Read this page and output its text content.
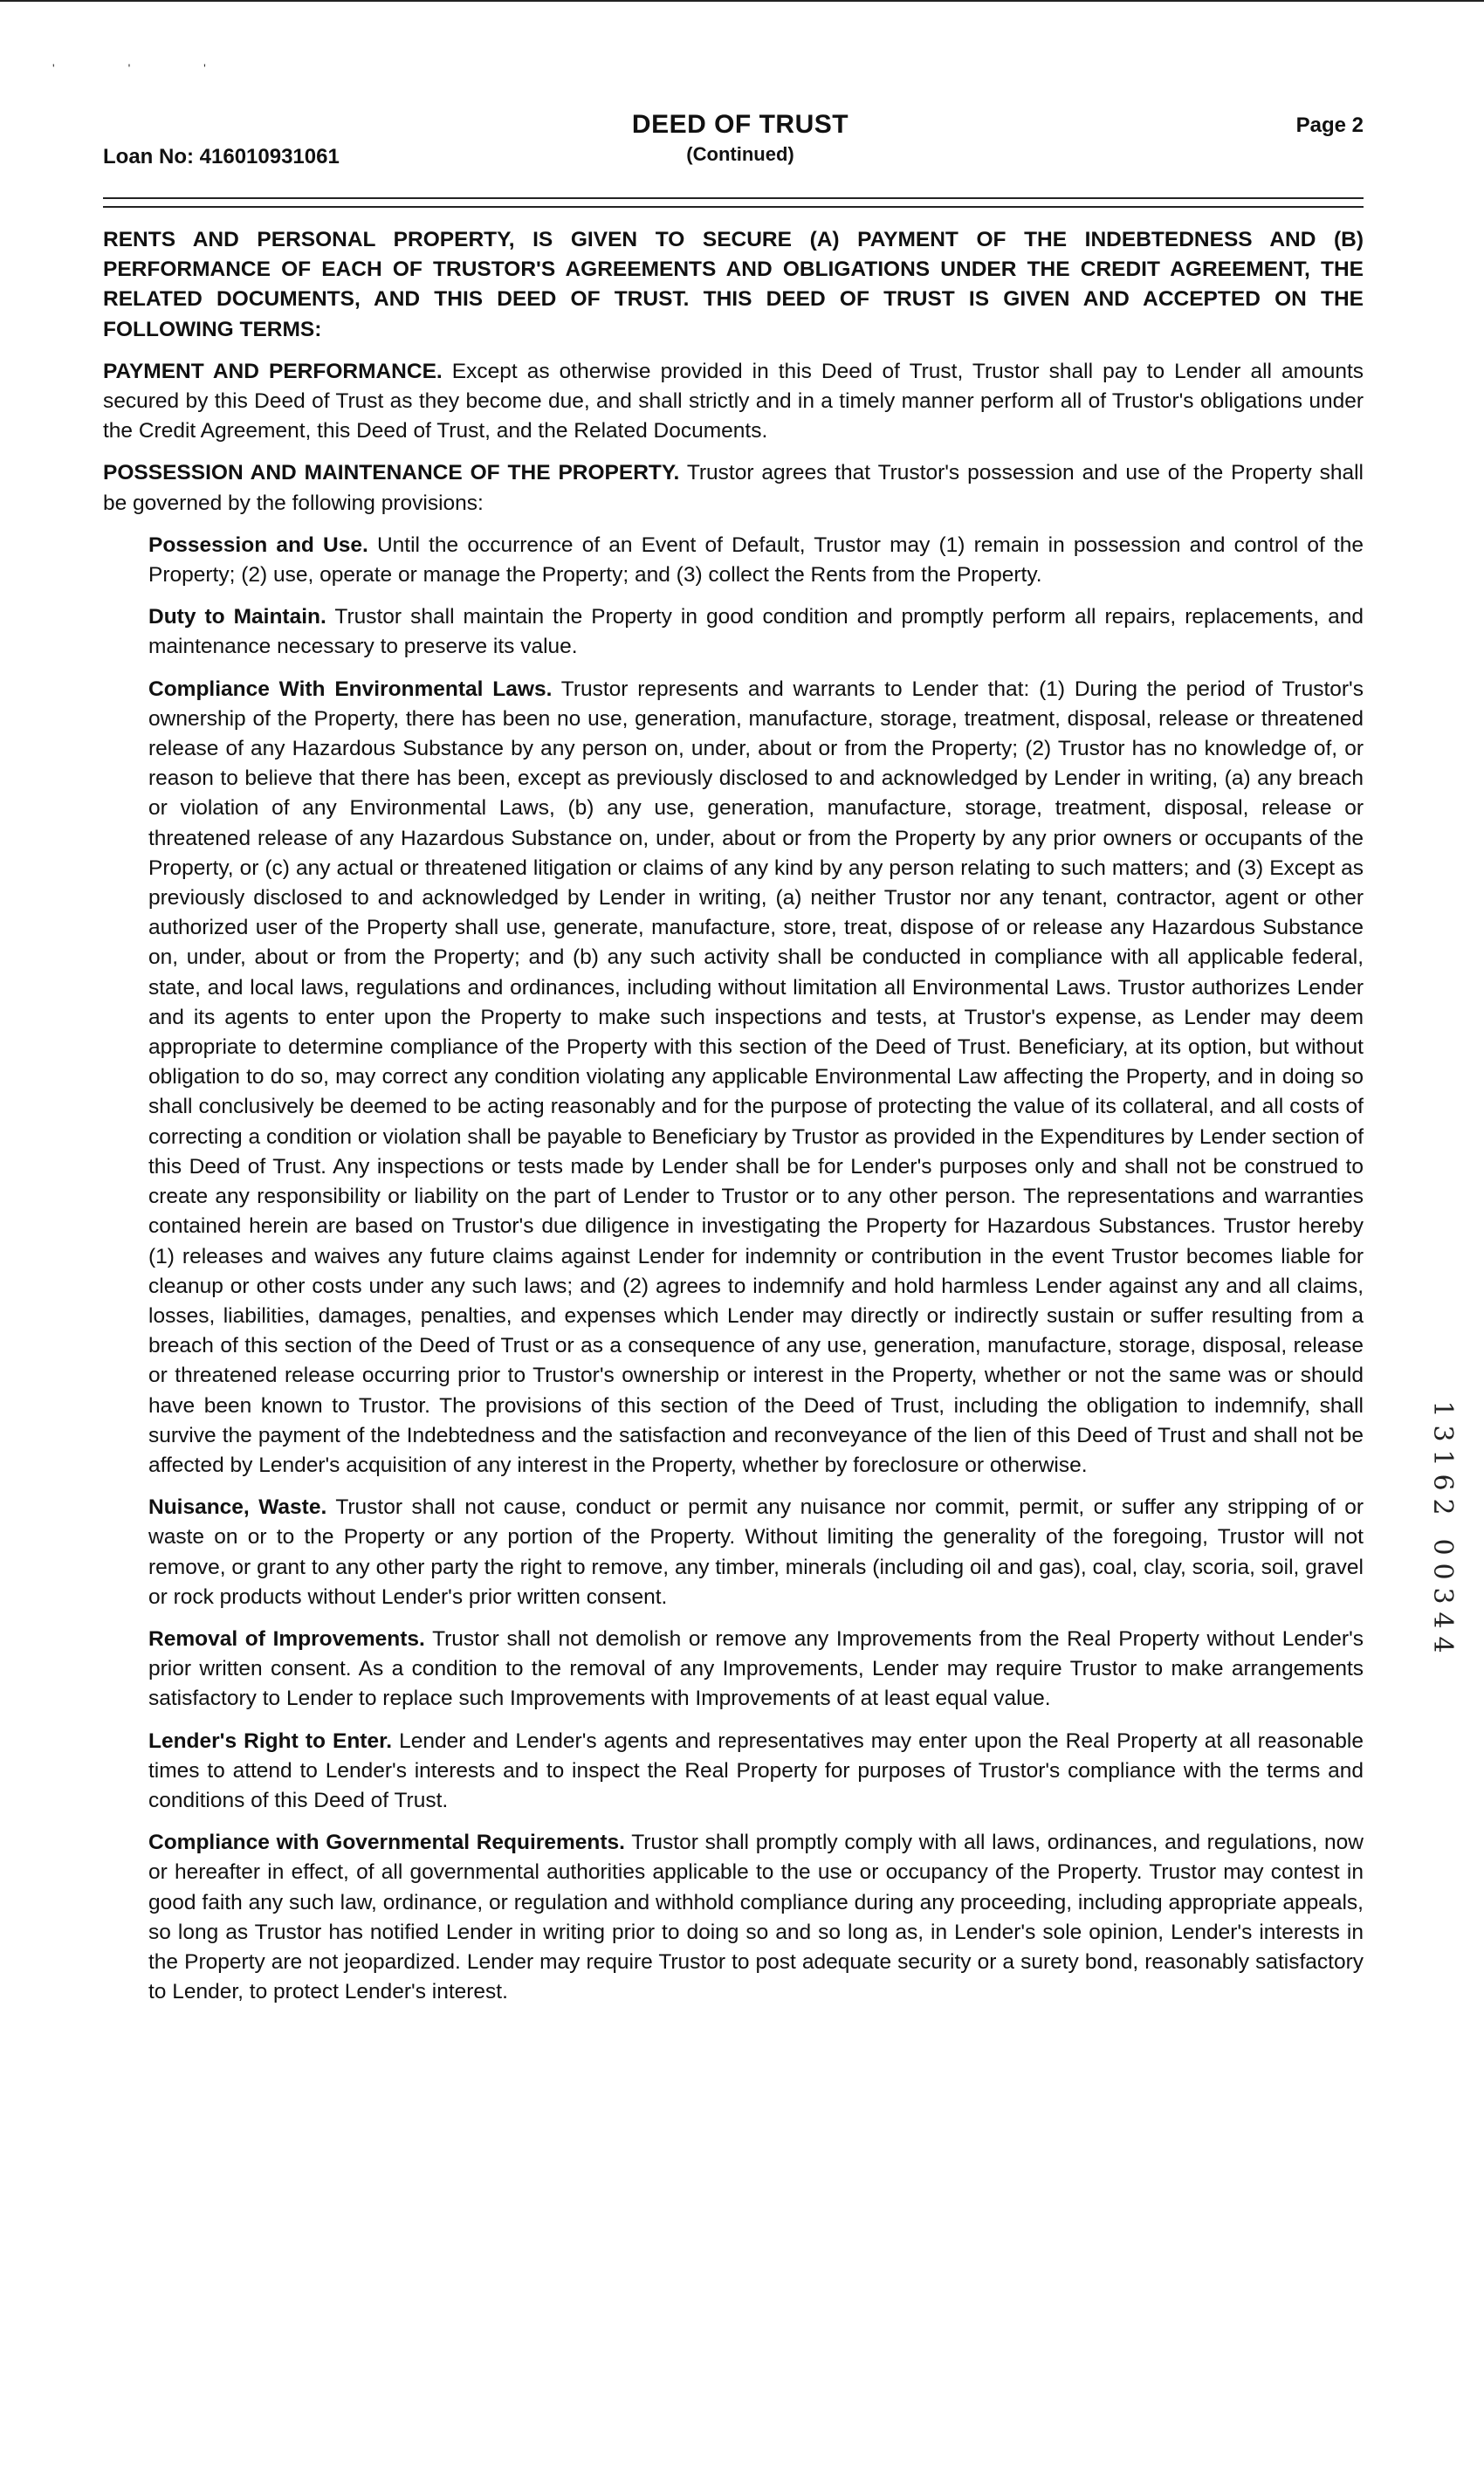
' ' '
Loan No: 416010931061
DEED OF TRUST
(Continued)
Page 2

RENTS AND PERSONAL PROPERTY, IS GIVEN TO SECURE (A) PAYMENT OF THE INDEBTEDNESS AND (B) PERFORMANCE OF EACH OF TRUSTOR'S AGREEMENTS AND OBLIGATIONS UNDER THE CREDIT AGREEMENT, THE RELATED DOCUMENTS, AND THIS DEED OF TRUST. THIS DEED OF TRUST IS GIVEN AND ACCEPTED ON THE FOLLOWING TERMS:

PAYMENT AND PERFORMANCE. Except as otherwise provided in this Deed of Trust, Trustor shall pay to Lender all amounts secured by this Deed of Trust as they become due, and shall strictly and in a timely manner perform all of Trustor's obligations under the Credit Agreement, this Deed of Trust, and the Related Documents.

POSSESSION AND MAINTENANCE OF THE PROPERTY. Trustor agrees that Trustor's possession and use of the Property shall be governed by the following provisions:

Possession and Use. Until the occurrence of an Event of Default, Trustor may (1) remain in possession and control of the Property; (2) use, operate or manage the Property; and (3) collect the Rents from the Property.

Duty to Maintain. Trustor shall maintain the Property in good condition and promptly perform all repairs, replacements, and maintenance necessary to preserve its value.

Compliance With Environmental Laws. Trustor represents and warrants to Lender that: (1) During the period of Trustor's ownership of the Property, there has been no use, generation, manufacture, storage, treatment, disposal, release or threatened release of any Hazardous Substance by any person on, under, about or from the Property; (2) Trustor has no knowledge of, or reason to believe that there has been, except as previously disclosed to and acknowledged by Lender in writing, (a) any breach or violation of any Environmental Laws, (b) any use, generation, manufacture, storage, treatment, disposal, release or threatened release of any Hazardous Substance on, under, about or from the Property by any prior owners or occupants of the Property, or (c) any actual or threatened litigation or claims of any kind by any person relating to such matters; and (3) Except as previously disclosed to and acknowledged by Lender in writing, (a) neither Trustor nor any tenant, contractor, agent or other authorized user of the Property shall use, generate, manufacture, store, treat, dispose of or release any Hazardous Substance on, under, about or from the Property; and (b) any such activity shall be conducted in compliance with all applicable federal, state, and local laws, regulations and ordinances, including without limitation all Environmental Laws. Trustor authorizes Lender and its agents to enter upon the Property to make such inspections and tests, at Trustor's expense, as Lender may deem appropriate to determine compliance of the Property with this section of the Deed of Trust. Beneficiary, at its option, but without obligation to do so, may correct any condition violating any applicable Environmental Law affecting the Property, and in doing so shall conclusively be deemed to be acting reasonably and for the purpose of protecting the value of its collateral, and all costs of correcting a condition or violation shall be payable to Beneficiary by Trustor as provided in the Expenditures by Lender section of this Deed of Trust. Any inspections or tests made by Lender shall be for Lender's purposes only and shall not be construed to create any responsibility or liability on the part of Lender to Trustor or to any other person. The representations and warranties contained herein are based on Trustor's due diligence in investigating the Property for Hazardous Substances. Trustor hereby (1) releases and waives any future claims against Lender for indemnity or contribution in the event Trustor becomes liable for cleanup or other costs under any such laws; and (2) agrees to indemnify and hold harmless Lender against any and all claims, losses, liabilities, damages, penalties, and expenses which Lender may directly or indirectly sustain or suffer resulting from a breach of this section of the Deed of Trust or as a consequence of any use, generation, manufacture, storage, disposal, release or threatened release occurring prior to Trustor's ownership or interest in the Property, whether or not the same was or should have been known to Trustor. The provisions of this section of the Deed of Trust, including the obligation to indemnify, shall survive the payment of the Indebtedness and the satisfaction and reconveyance of the lien of this Deed of Trust and shall not be affected by Lender's acquisition of any interest in the Property, whether by foreclosure or otherwise.

Nuisance, Waste. Trustor shall not cause, conduct or permit any nuisance nor commit, permit, or suffer any stripping of or waste on or to the Property or any portion of the Property. Without limiting the generality of the foregoing, Trustor will not remove, or grant to any other party the right to remove, any timber, minerals (including oil and gas), coal, clay, scoria, soil, gravel or rock products without Lender's prior written consent.

Removal of Improvements. Trustor shall not demolish or remove any Improvements from the Real Property without Lender's prior written consent. As a condition to the removal of any Improvements, Lender may require Trustor to make arrangements satisfactory to Lender to replace such Improvements with Improvements of at least equal value.

Lender's Right to Enter. Lender and Lender's agents and representatives may enter upon the Real Property at all reasonable times to attend to Lender's interests and to inspect the Real Property for purposes of Trustor's compliance with the terms and conditions of this Deed of Trust.

Compliance with Governmental Requirements. Trustor shall promptly comply with all laws, ordinances, and regulations, now or hereafter in effect, of all governmental authorities applicable to the use or occupancy of the Property. Trustor may contest in good faith any such law, ordinance, or regulation and withhold compliance during any proceeding, including appropriate appeals, so long as Trustor has notified Lender in writing prior to doing so and so long as, in Lender's sole opinion, Lender's interests in the Property are not jeopardized. Lender may require Trustor to post adequate security or a surety bond, reasonably satisfactory to Lender, to protect Lender's interest.

1
3
1
6
2
0
0
3
4
4
